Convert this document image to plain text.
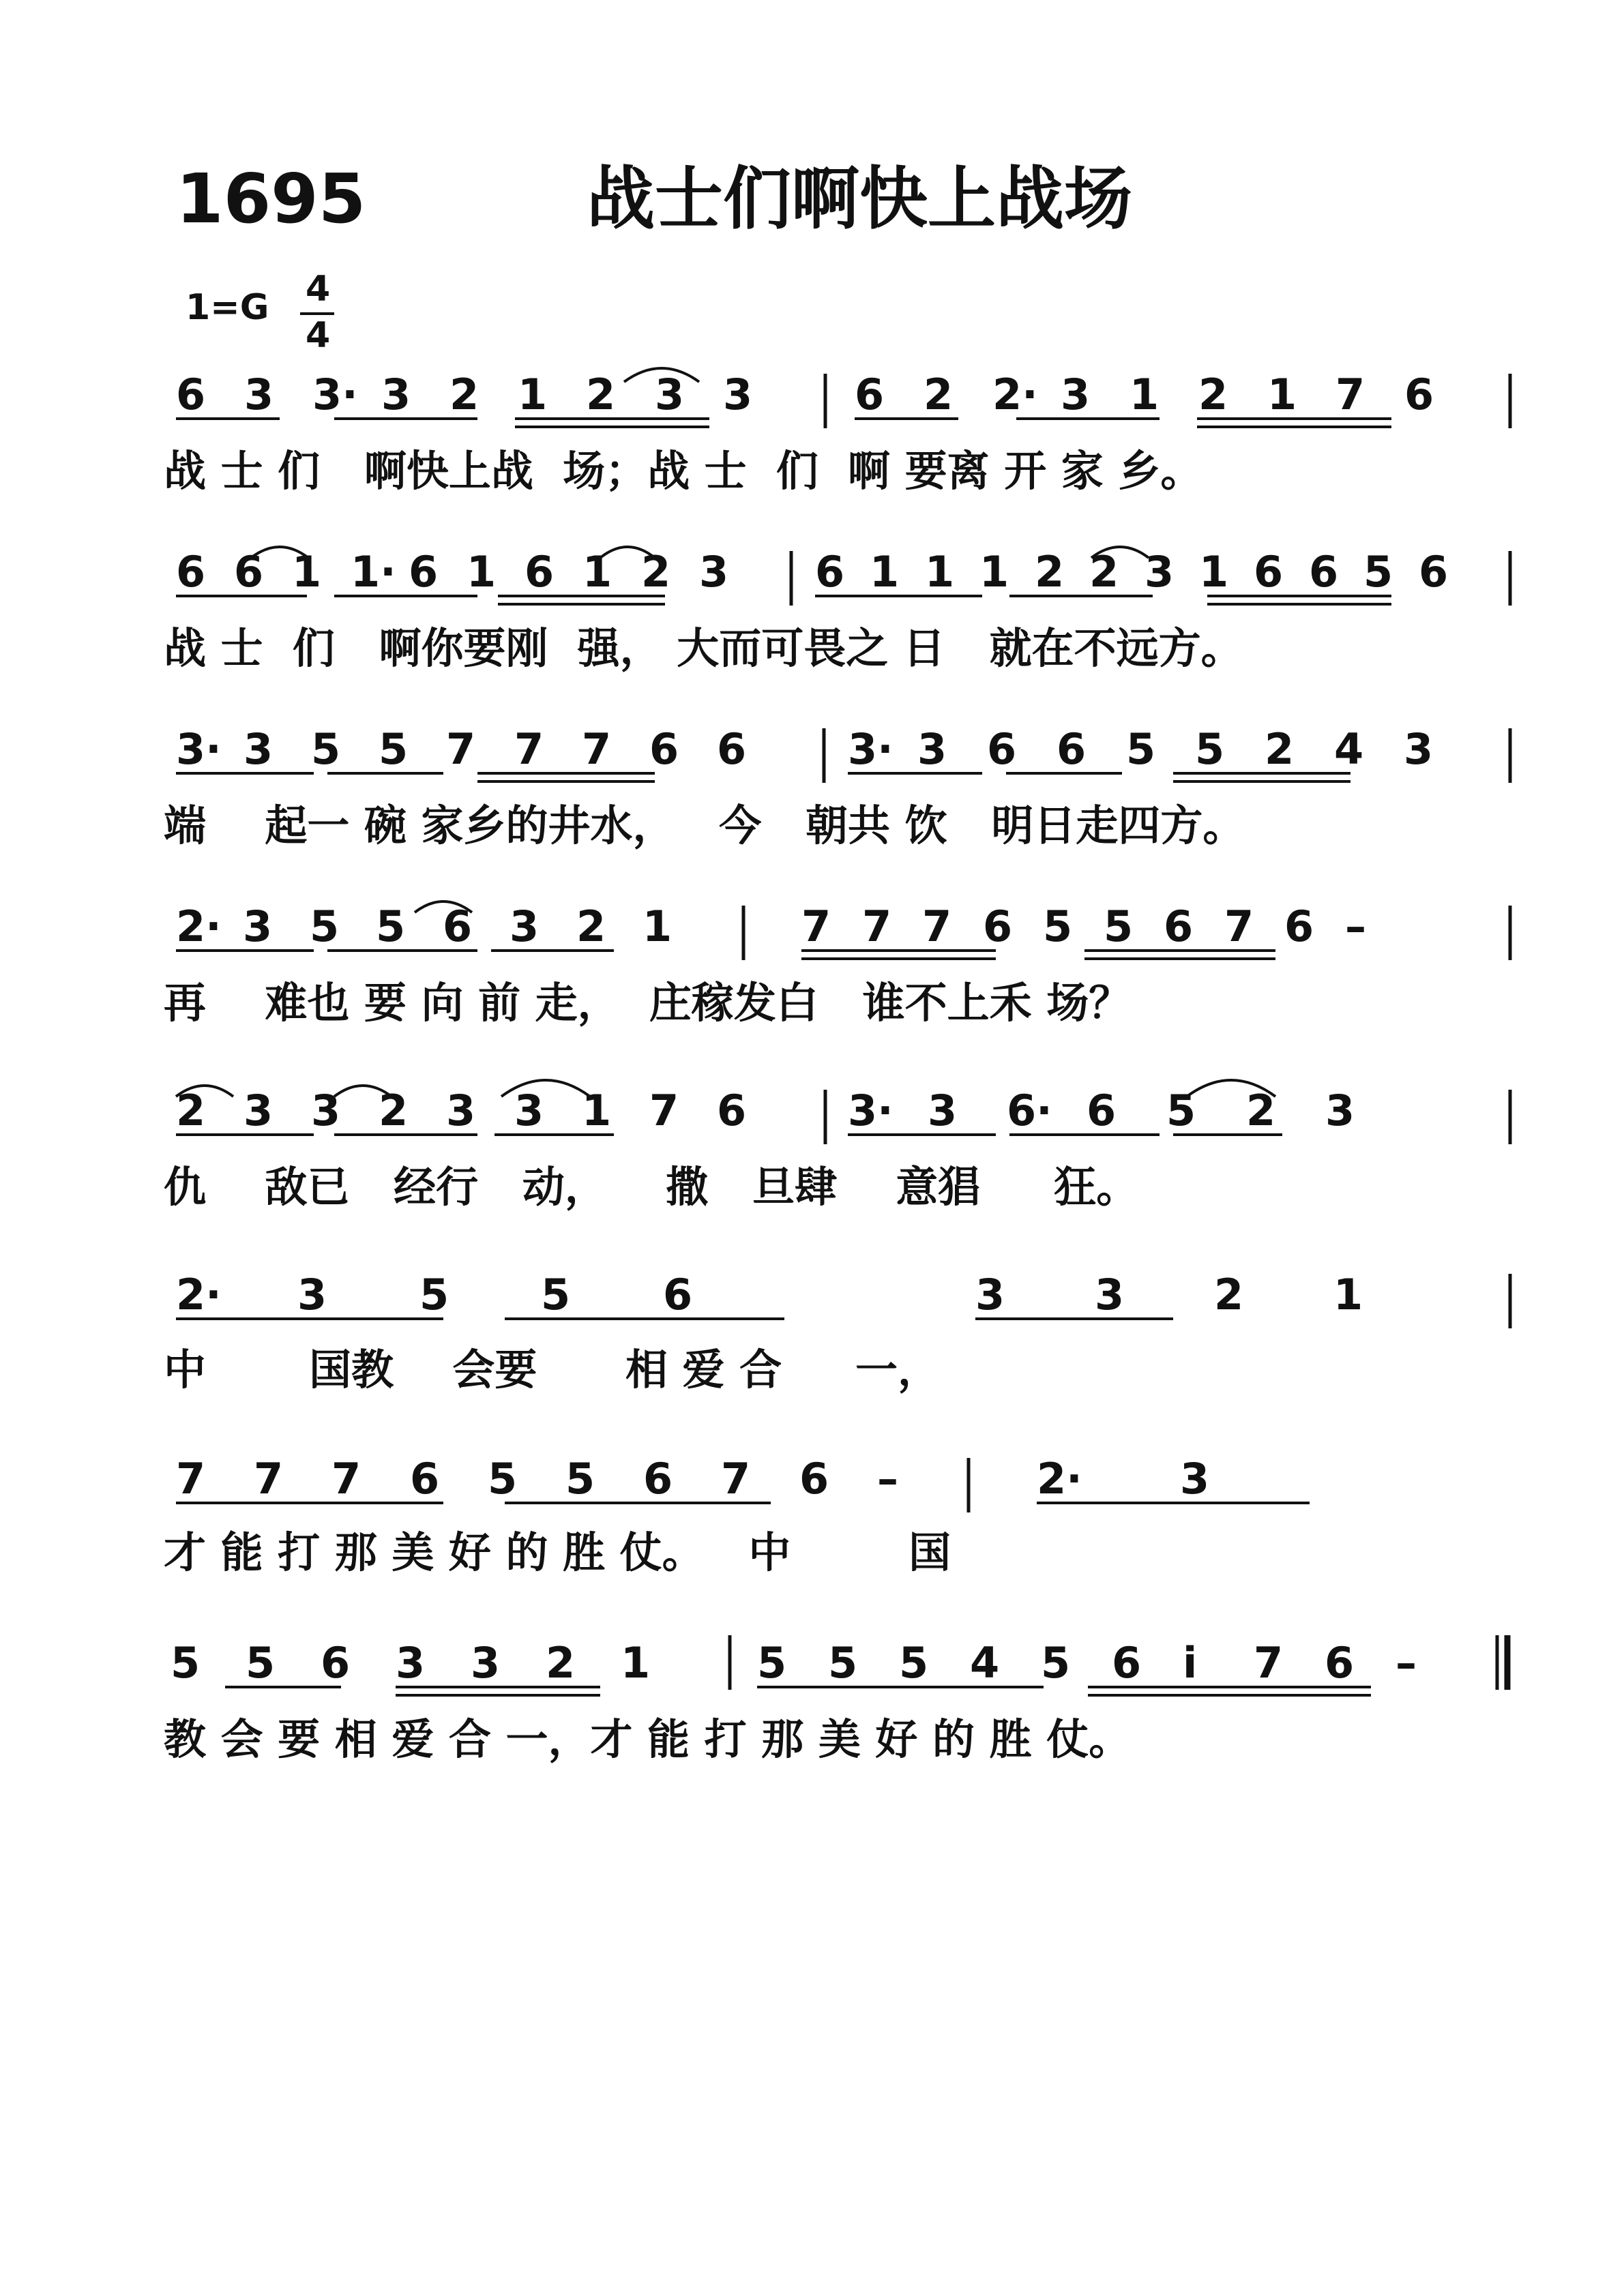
1695	战士们啊快上战场
1=G 4
4
6 3 3· 3 2 1 2 3 3 6 2 2· 3 1 2 1 7 6
6 6 1 1· 6 1 6 1 2 3 6 1 1 1 2 2 3 1 6 6 5 6
3· 3 5 5 7 7 7 6 6 3· 3 6 6 5 5 2 4 3
2· 3 5 5 6 3 2 1	7 7 7 6 5 5 6 7 6 –
2 3 3 2 3 3 1 7 6 3· 3 6· 6 5 2 3
2· 3 5 5 6	3 3 2 1
7 7 7 6 5 5 6 7 6 –	2· 3
5 5 6 3 3 2 1	5 5 5 4 5 6 i 7 6 –
战 士 们   啊快上战  场；战 士  们  啊 要离 开 家 乡。
战 士  们   啊你要刚  强， 大而可畏之 日   就在不远方。
端    起一 碗 家乡的井水，   今   朝共 饮   明日走四方。
再    难也 要 向 前 走，  庄稼发白   谁不上禾 场？
仇    敌已   经行   动，    撒   旦肆    意猖     狂。
中       国教    会要      相 爱 合     一，
才 能 打 那 美 好 的 胜 仗。   中        国
教 会 要 相 爱 合 一，才 能 打 那 美 好 的 胜 仗。
